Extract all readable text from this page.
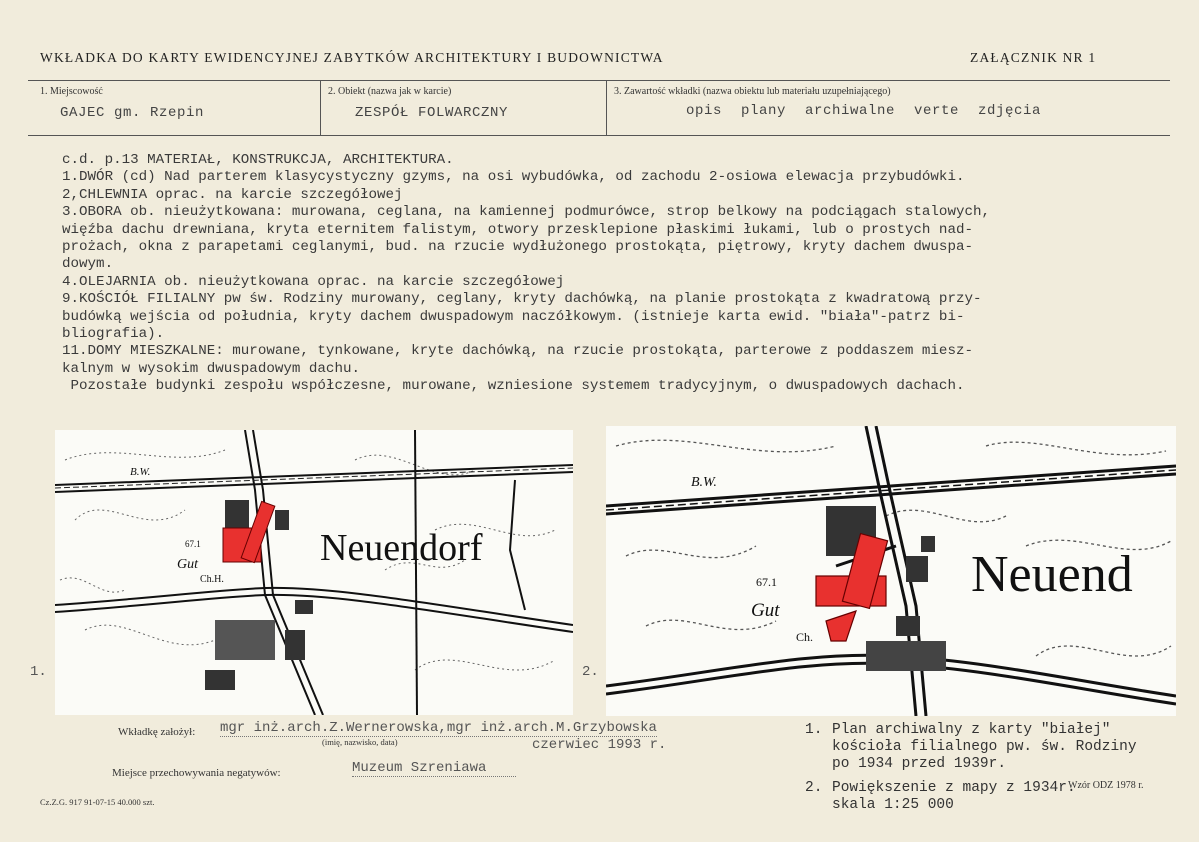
WKŁADKA DO KARTY EWIDENCYJNEJ ZABYTKÓW ARCHITEKTURY I BUDOWNICTWA	ZAŁĄCZNIK NR 1
1. Miejscowość
GAJEC gm. Rzepin
2. Obiekt (nazwa jak w karcie)
ZESPÓŁ FOLWARCZNY
3. Zawartość wkładki (nazwa obiektu lub materiału uzupełniającego)
opis plany archiwalne verte zdjęcia
c.d. p.13 MATERIAŁ, KONSTRUKCJA, ARCHITEKTURA.
1.DWÓR (cd) Nad parterem klasycystyczny gzyms, na osi wybudówka, od zachodu 2-osiowa elewacja przybudówki.
2,CHLEWNIA oprac. na karcie szczegółowej
3.OBORA ob. nieużytkowana: murowana, ceglana, na kamiennej podmurówce, strop belkowy na podciągach stalowych,
więźba dachu drewniana, kryta eternitem falistym, otwory przesklepione płaskimi łukami, lub o prostych nad-
prożach, okna z parapetami ceglanymi, bud. na rzucie wydłużonego prostokąta, piętrowy, kryty dachem dwuspa-
dowym.
4.OLEJARNIA ob. nieużytkowana oprac. na karcie szczegółowej
9.KOŚCIÓŁ FILIALNY pw św. Rodziny murowany, ceglany, kryty dachówką, na planie prostokąta z kwadratową przy-
budówką wejścia od południa, kryty dachem dwuspadowym naczółkowym. (istnieje karta ewid. "biała"-patrz bi-
bliografia).
11.DOMY MIESZKALNE: murowane, tynkowane, kryte dachówką, na rzucie prostokąta, parterowe z poddaszem miesz-
kalnym w wysokim dwuspadowym dachu.
Pozostałe budynki zespołu współczesne, murowane, wzniesione systemem tradycyjnym, o dwuspadowych dachach.
1.
B.W.
Gut
67.1
Ch.H.
Neuendorf
2.
B.W.
Gut
67.1
Ch.
Neuend
Wkładkę założył: mgr inż.arch.Z.Wernerowska,mgr inż.arch.M.Grzybowska
(imię, nazwisko, data)	czerwiec 1993 r.
Miejsce przechowywania negatywów:	Muzeum Szreniawa
Cz.Z.G. 917 91-07-15 40.000 szt.
1. Plan archiwalny z karty "białej"
kościoła filialnego pw. św. Rodziny
po 1934 przed 1939r.
2. Powiększenie z mapy z 1934r.
skala 1:25 000
Wzór ODZ 1978 r.
